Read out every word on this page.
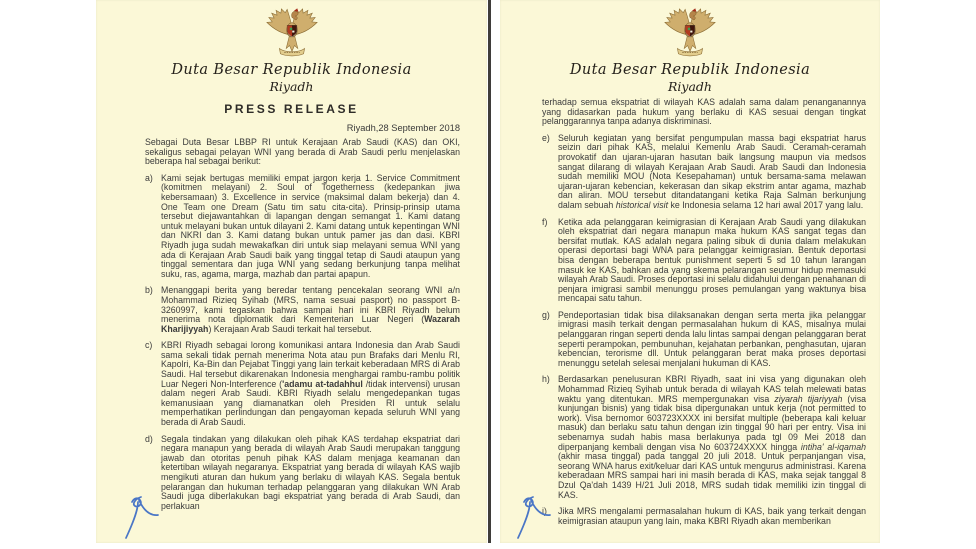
Duta Besar Republik Indonesia
Riyadh
PRESS RELEASE
Riyadh,28 September 2018

Sebagai Duta Besar LBBP RI untuk Kerajaan Arab Saudi (KAS) dan OKI, sekaligus sebagai pelayan WNI yang berada di Arab Saudi perlu menjelaskan beberapa hal sebagai berikut:

a) Kami sejak bertugas memiliki empat jargon kerja 1. Service Commitment (komitmen melayani) 2. Soul of Togetherness (kedepankan jiwa kebersamaan) 3. Excellence in service (maksimal dalam bekerja) dan 4. One Team one Dream (Satu tim satu cita-cita). Prinsip-prinsip utama tersebut diejawantahkan di lapangan dengan semangat 1. Kami datang untuk melayani bukan untuk dilayani 2. Kami datang untuk kepentingan WNI dan NKRI dan 3. Kami datang bukan untuk pamer jas dan dasi. KBRI Riyadh juga sudah mewakafkan diri untuk siap melayani semua WNI yang ada di Kerajaan Arab Saudi baik yang tinggal tetap di Saudi ataupun yang tinggal sementara dan juga WNI yang sedang berkunjung tanpa melihat suku, ras, agama, marga, mazhab dan partai apapun.

b) Menanggapi berita yang beredar tentang pencekalan seorang WNI a/n Mohammad Rizieq Syihab (MRS, nama sesuai pasport) no passport B-3260997, kami tegaskan bahwa sampai hari ini KBRI Riyadh belum menerima nota diplomatik dari Kementerian Luar Negeri (Wazarah Kharijiyyah) Kerajaan Arab Saudi terkait hal tersebut.

c) KBRI Riyadh sebagai lorong komunikasi antara Indonesia dan Arab Saudi sama sekali tidak pernah menerima Nota atau pun Brafaks dari Menlu RI, Kapolri, Ka-Bin dan Pejabat Tinggi yang lain terkait keberadaan MRS di Arab Saudi. Hal tersebut dikarenakan Indonesia menghargai rambu-rambu politik Luar Negeri Non-Interference ('adamu at-tadahhul /tidak intervensi) urusan dalam negeri Arab Saudi. KBRI Riyadh selalu mengedepankan tugas kemanusiaan yang diamanatkan oleh Presiden RI untuk selalu memperhatikan perlindungan dan pengayoman kepada seluruh WNI yang berada di Arab Saudi.

d) Segala tindakan yang dilakukan oleh pihak KAS terdahap ekspatriat dari negara manapun yang berada di wilayah Arab Saudi merupakan tanggung jawab dan otoritas penuh pihak KAS dalam menjaga keamanan dan ketertiban wilayah negaranya. Ekspatriat yang berada di wilayah KAS wajib mengikuti aturan dan hukum yang berlaku di wilayah KAS. Segala bentuk pelarangan dan hukuman terhadap pelanggaran yang dilakukan WN Arab Saudi juga diberlakukan bagi ekspatriat yang berada di Arab Saudi, dan perlakuan

Duta Besar Republik Indonesia
Riyadh

terhadap semua ekspatriat di wilayah KAS adalah sama dalam penanganannya yang didasarkan pada hukum yang berlaku di KAS sesuai dengan tingkat pelanggarannya tanpa adanya diskriminasi.

e) Seluruh kegiatan yang bersifat pengumpulan massa bagi ekspatriat harus seizin dari pihak KAS, melalui Kemenlu Arab Saudi. Ceramah-ceramah provokatif dan ujaran-ujaran hasutan baik langsung maupun via medsos sangat dilarang di wilayah Kerajaan Arab Saudi. Arab Saudi dan Indonesia sudah memiliki MOU (Nota Kesepahaman) untuk bersama-sama melawan ujaran-ujaran kebencian, kekerasan dan sikap ekstrim antar agama, mazhab dan aliran. MOU tersebut ditandatangani ketika Raja Salman berkunjung dalam sebuah historical visit ke Indonesia selama 12 hari awal 2017 yang lalu.

f)	Ketika ada pelanggaran keimigrasian di Kerajaan Arab Saudi yang dilakukan oleh ekspatriat dari negara manapun maka hukum KAS sangat tegas dan bersifat mutlak. KAS adalah negara paling sibuk di dunia dalam melakukan operasi deportasi bagi WNA para pelanggar keimigrasian. Bentuk deportasi bisa dengan beberapa bentuk punishment seperti 5 sd 10 tahun larangan masuk ke KAS, bahkan ada yang skema pelarangan seumur hidup memasuki wilayah Arab Saudi. Proses deportasi ini selalu didahului dengan penahanan di penjara imigrasi sambil menunggu proses pemulangan yang waktunya bisa mencapai satu tahun.

g) Pendeportasian tidak bisa dilaksanakan dengan serta merta jika pelanggar imigrasi masih terkait dengan permasalahan hukum di KAS, misalnya mulai pelanggaran ringan seperti denda lalu lintas sampai dengan pelanggaran berat seperti perampokan, pembunuhan, kejahatan perbankan, penghasutan, ujaran kebencian, terorisme dll. Untuk pelanggaran berat maka proses deportasi menunggu setelah selesai menjalani hukuman di KAS.

h) Berdasarkan penelusuran KBRI Riyadh, saat ini visa yang digunakan oleh Mohammad Rizieq Syihab untuk berada di wilayah KAS telah melewati batas waktu yang ditentukan. MRS mempergunakan visa ziyarah tijariyyah (visa kunjungan bisnis) yang tidak bisa dipergunakan untuk kerja (not permitted to work). Visa bernomor 603723XXXX ini bersifat multiple (beberapa kali keluar masuk) dan berlaku satu tahun dengan izin tinggal 90 hari per entry. Visa ini sebenarnya sudah habis masa berlakunya pada tgl 09 Mei 2018 dan diperpanjang kembali dengan visa No 603724XXXX hingga intiha' al-iqamah (akhir masa tinggal) pada tanggal 20 juli 2018. Untuk perpanjangan visa, seorang WNA harus exit/keluar dari KAS untuk mengurus administrasi. Karena keberadaan MRS sampai hari ini masih berada di KAS, maka sejak tanggal 8 Dzul Qa'dah 1439 H/21 Juli 2018, MRS sudah tidak memiliki izin tinggal di KAS.

i)	Jika MRS mengalami permasalahan hukum di KAS, baik yang terkait dengan keimigrasian ataupun yang lain, maka KBRI Riyadh akan memberikan
